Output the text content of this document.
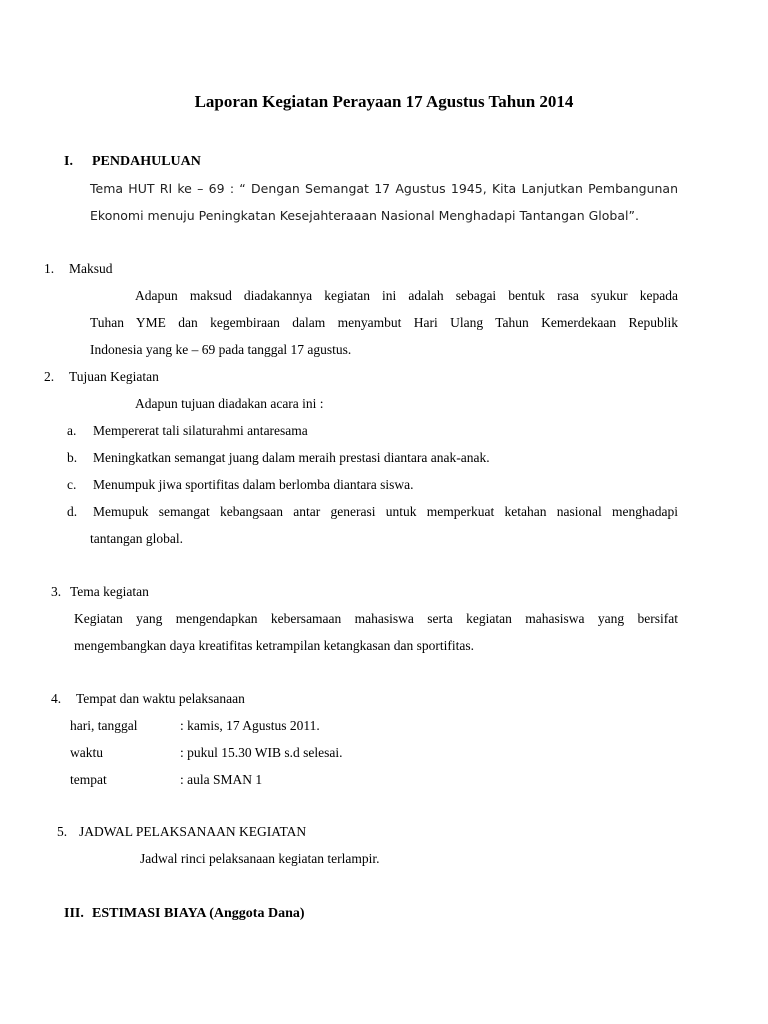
Laporan Kegiatan Perayaan 17 Agustus Tahun 2014
I. PENDAHULUAN
Tema HUT RI ke – 69 : “ Dengan Semangat 17 Agustus 1945, Kita Lanjutkan Pembangunan
Ekonomi menuju Peningkatan Kesejahteraaan Nasional Menghadapi Tantangan Global”.
1. Maksud
Adapun maksud diadakannya kegiatan ini adalah sebagai bentuk rasa syukur kepada
Tuhan YME dan kegembiraan dalam menyambut Hari Ulang Tahun Kemerdekaan Republik
Indonesia yang ke – 69 pada tanggal 17 agustus.
2. Tujuan Kegiatan
Adapun tujuan diadakan acara ini :
a. Mempererat tali silaturahmi antaresama
b. Meningkatkan semangat juang dalam meraih prestasi diantara anak-anak.
c. Menumpuk jiwa sportifitas dalam berlomba diantara siswa.
d. Memupuk semangat kebangsaan antar generasi untuk memperkuat ketahan nasional menghadapi
tantangan global.
3. Tema kegiatan
Kegiatan yang mengendapkan kebersamaan mahasiswa serta kegiatan mahasiswa yang bersifat
mengembangkan daya kreatifitas ketrampilan ketangkasan dan sportifitas.
4. Tempat dan waktu pelaksanaan
hari, tanggal	: kamis, 17 Agustus 2011.
waktu	: pukul 15.30 WIB s.d selesai.
tempat	: aula SMAN 1
5. JADWAL PELAKSANAAN KEGIATAN
Jadwal rinci pelaksanaan kegiatan terlampir.
III. ESTIMASI BIAYA (Anggota Dana)
